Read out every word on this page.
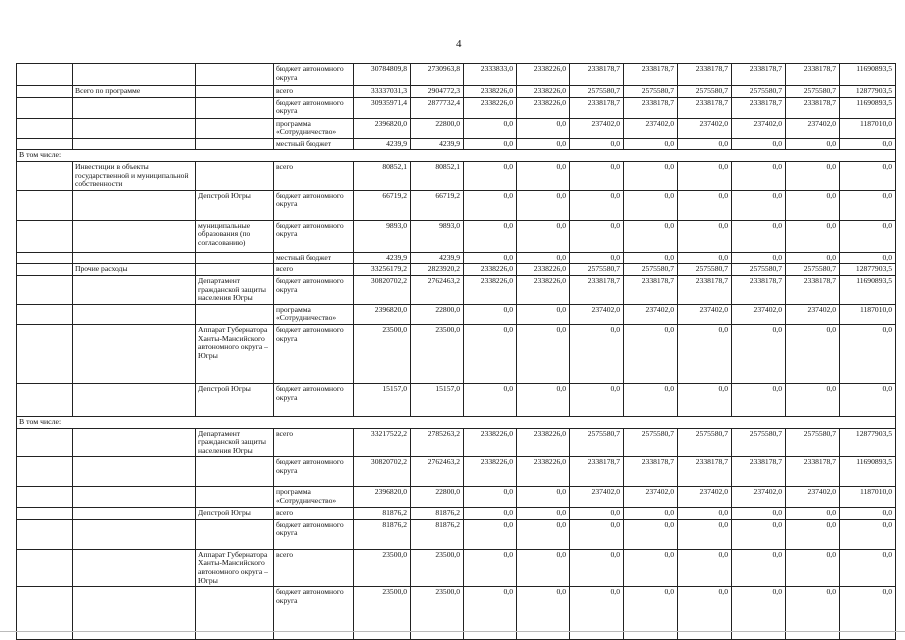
4
			бюджет автономного округа	30784809,8	2730963,8	2333833,0	2338226,0	2338178,7	2338178,7	2338178,7	2338178,7	2338178,7	11690893,5
	Всего по программе		всего	33337031,3	2904772,3	2338226,0	2338226,0	2575580,7	2575580,7	2575580,7	2575580,7	2575580,7	12877903,5
			бюджет автономного округа	30935971,4	2877732,4	2338226,0	2338226,0	2338178,7	2338178,7	2338178,7	2338178,7	2338178,7	11690893,5
			программа «Сотрудничество»	2396820,0	22800,0	0,0	0,0	237402,0	237402,0	237402,0	237402,0	237402,0	1187010,0
			местный бюджет	4239,9	4239,9	0,0	0,0	0,0	0,0	0,0	0,0	0,0	0,0
В том числе:													
	Инвестиции в объекты государственной и муниципальной собственности		всего	80852,1	80852,1	0,0	0,0	0,0	0,0	0,0	0,0	0,0	0,0
		Депстрой Югры	бюджет автономного округа	66719,2	66719,2	0,0	0,0	0,0	0,0	0,0	0,0	0,0	0,0
		муниципальные образования (по согласованию)	бюджет автономного округа	9893,0	9893,0	0,0	0,0	0,0	0,0	0,0	0,0	0,0	0,0
			местный бюджет	4239,9	4239,9	0,0	0,0	0,0	0,0	0,0	0,0	0,0	0,0
	Прочие расходы		всего	33256179,2	2823920,2	2338226,0	2338226,0	2575580,7	2575580,7	2575580,7	2575580,7	2575580,7	12877903,5
		Департамент гражданской защиты населения Югры	бюджет автономного округа	30820702,2	2762463,2	2338226,0	2338226,0	2338178,7	2338178,7	2338178,7	2338178,7	2338178,7	11690893,5
			программа «Сотрудничество»	2396820,0	22800,0	0,0	0,0	237402,0	237402,0	237402,0	237402,0	237402,0	1187010,0
		Аппарат Губернатора Ханты-Мансийского автономного округа – Югры	бюджет автономного округа	23500,0	23500,0	0,0	0,0	0,0	0,0	0,0	0,0	0,0	0,0
		Депстрой Югры	бюджет автономного округа	15157,0	15157,0	0,0	0,0	0,0	0,0	0,0	0,0	0,0	0,0
В том числе:													
		Департамент гражданской защиты населения Югры	всего	33217522,2	2785263,2	2338226,0	2338226,0	2575580,7	2575580,7	2575580,7	2575580,7	2575580,7	12877903,5
			бюджет автономного округа	30820702,2	2762463,2	2338226,0	2338226,0	2338178,7	2338178,7	2338178,7	2338178,7	2338178,7	11690893,5
			программа «Сотрудничество»	2396820,0	22800,0	0,0	0,0	237402,0	237402,0	237402,0	237402,0	237402,0	1187010,0
		Депстрой Югры	всего	81876,2	81876,2	0,0	0,0	0,0	0,0	0,0	0,0	0,0	0,0
			бюджет автономного округа	81876,2	81876,2	0,0	0,0	0,0	0,0	0,0	0,0	0,0	0,0
		Аппарат Губернатора Ханты-Мансийского автономного округа – Югры	всего	23500,0	23500,0	0,0	0,0	0,0	0,0	0,0	0,0	0,0	0,0
			бюджет автономного округа	23500,0	23500,0	0,0	0,0	0,0	0,0	0,0	0,0	0,0	0,0
